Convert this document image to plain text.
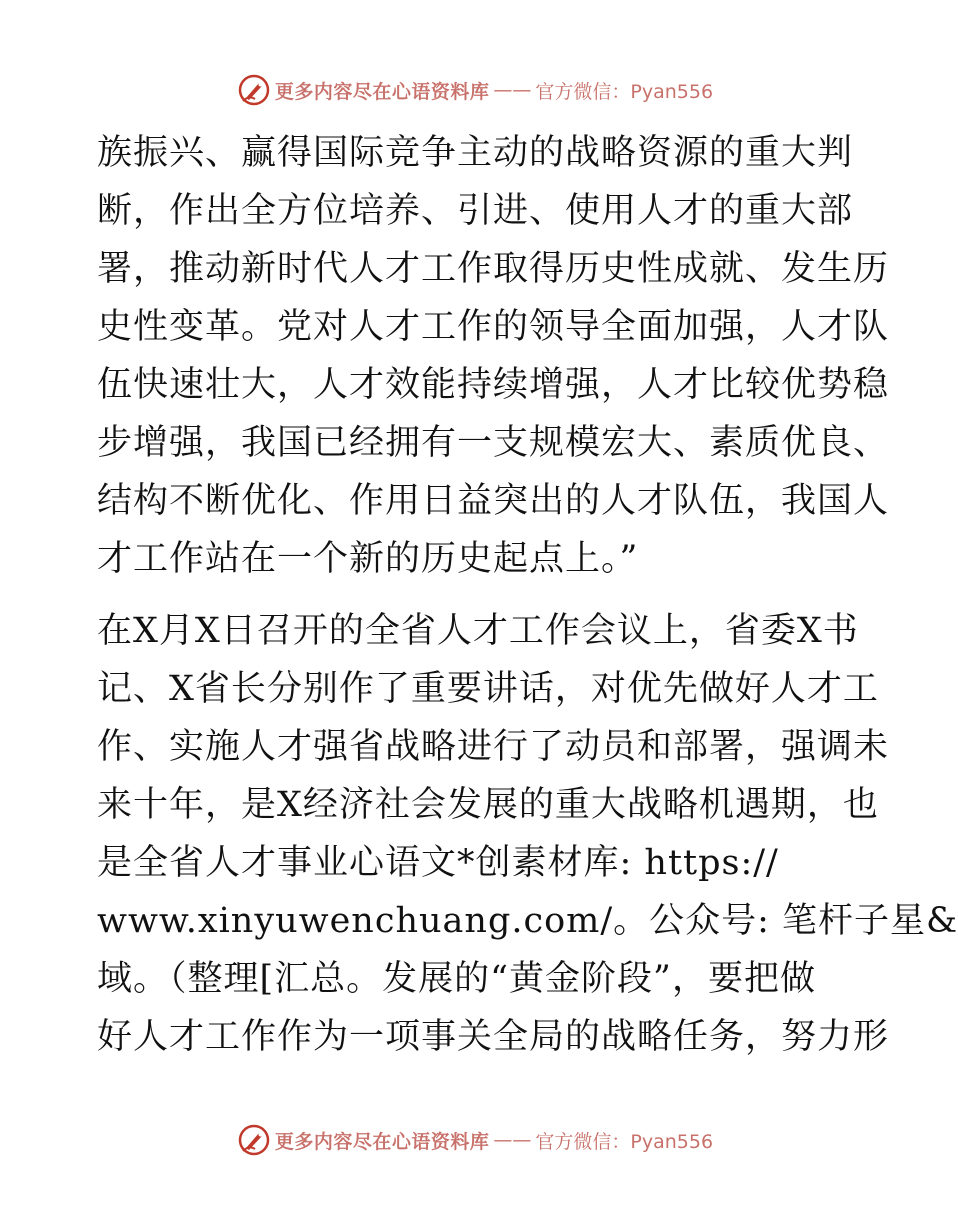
更多内容尽在心语资料库 —— 官方微信：Pyan556
族振兴、赢得国际竞争主动的战略资源的重大判
断，作出全方位培养、引进、使用人才的重大部
署，推动新时代人才工作取得历史性成就、发生历
史性变革。党对人才工作的领导全面加强，人才队
伍快速壮大，人才效能持续增强，人才比较优势稳
步增强，我国已经拥有一支规模宏大、素质优良、
结构不断优化、作用日益突出的人才队伍，我国人
才工作站在一个新的历史起点上。”
在X月X日召开的全省人才工作会议上，省委X书
记、X省长分别作了重要讲话，对优先做好人才工
作、实施人才强省战略进行了动员和部署，强调未
来十年，是X经济社会发展的重大战略机遇期，也
是全省人才事业心语文*创素材库: https://
www.xinyuwenchuang.com/。公众号: 笔杆子星&
域。（整理[汇总。发展的“黄金阶段”，要把做
好人才工作作为一项事关全局的战略任务，努力形
更多内容尽在心语资料库 —— 官方微信：Pyan556
